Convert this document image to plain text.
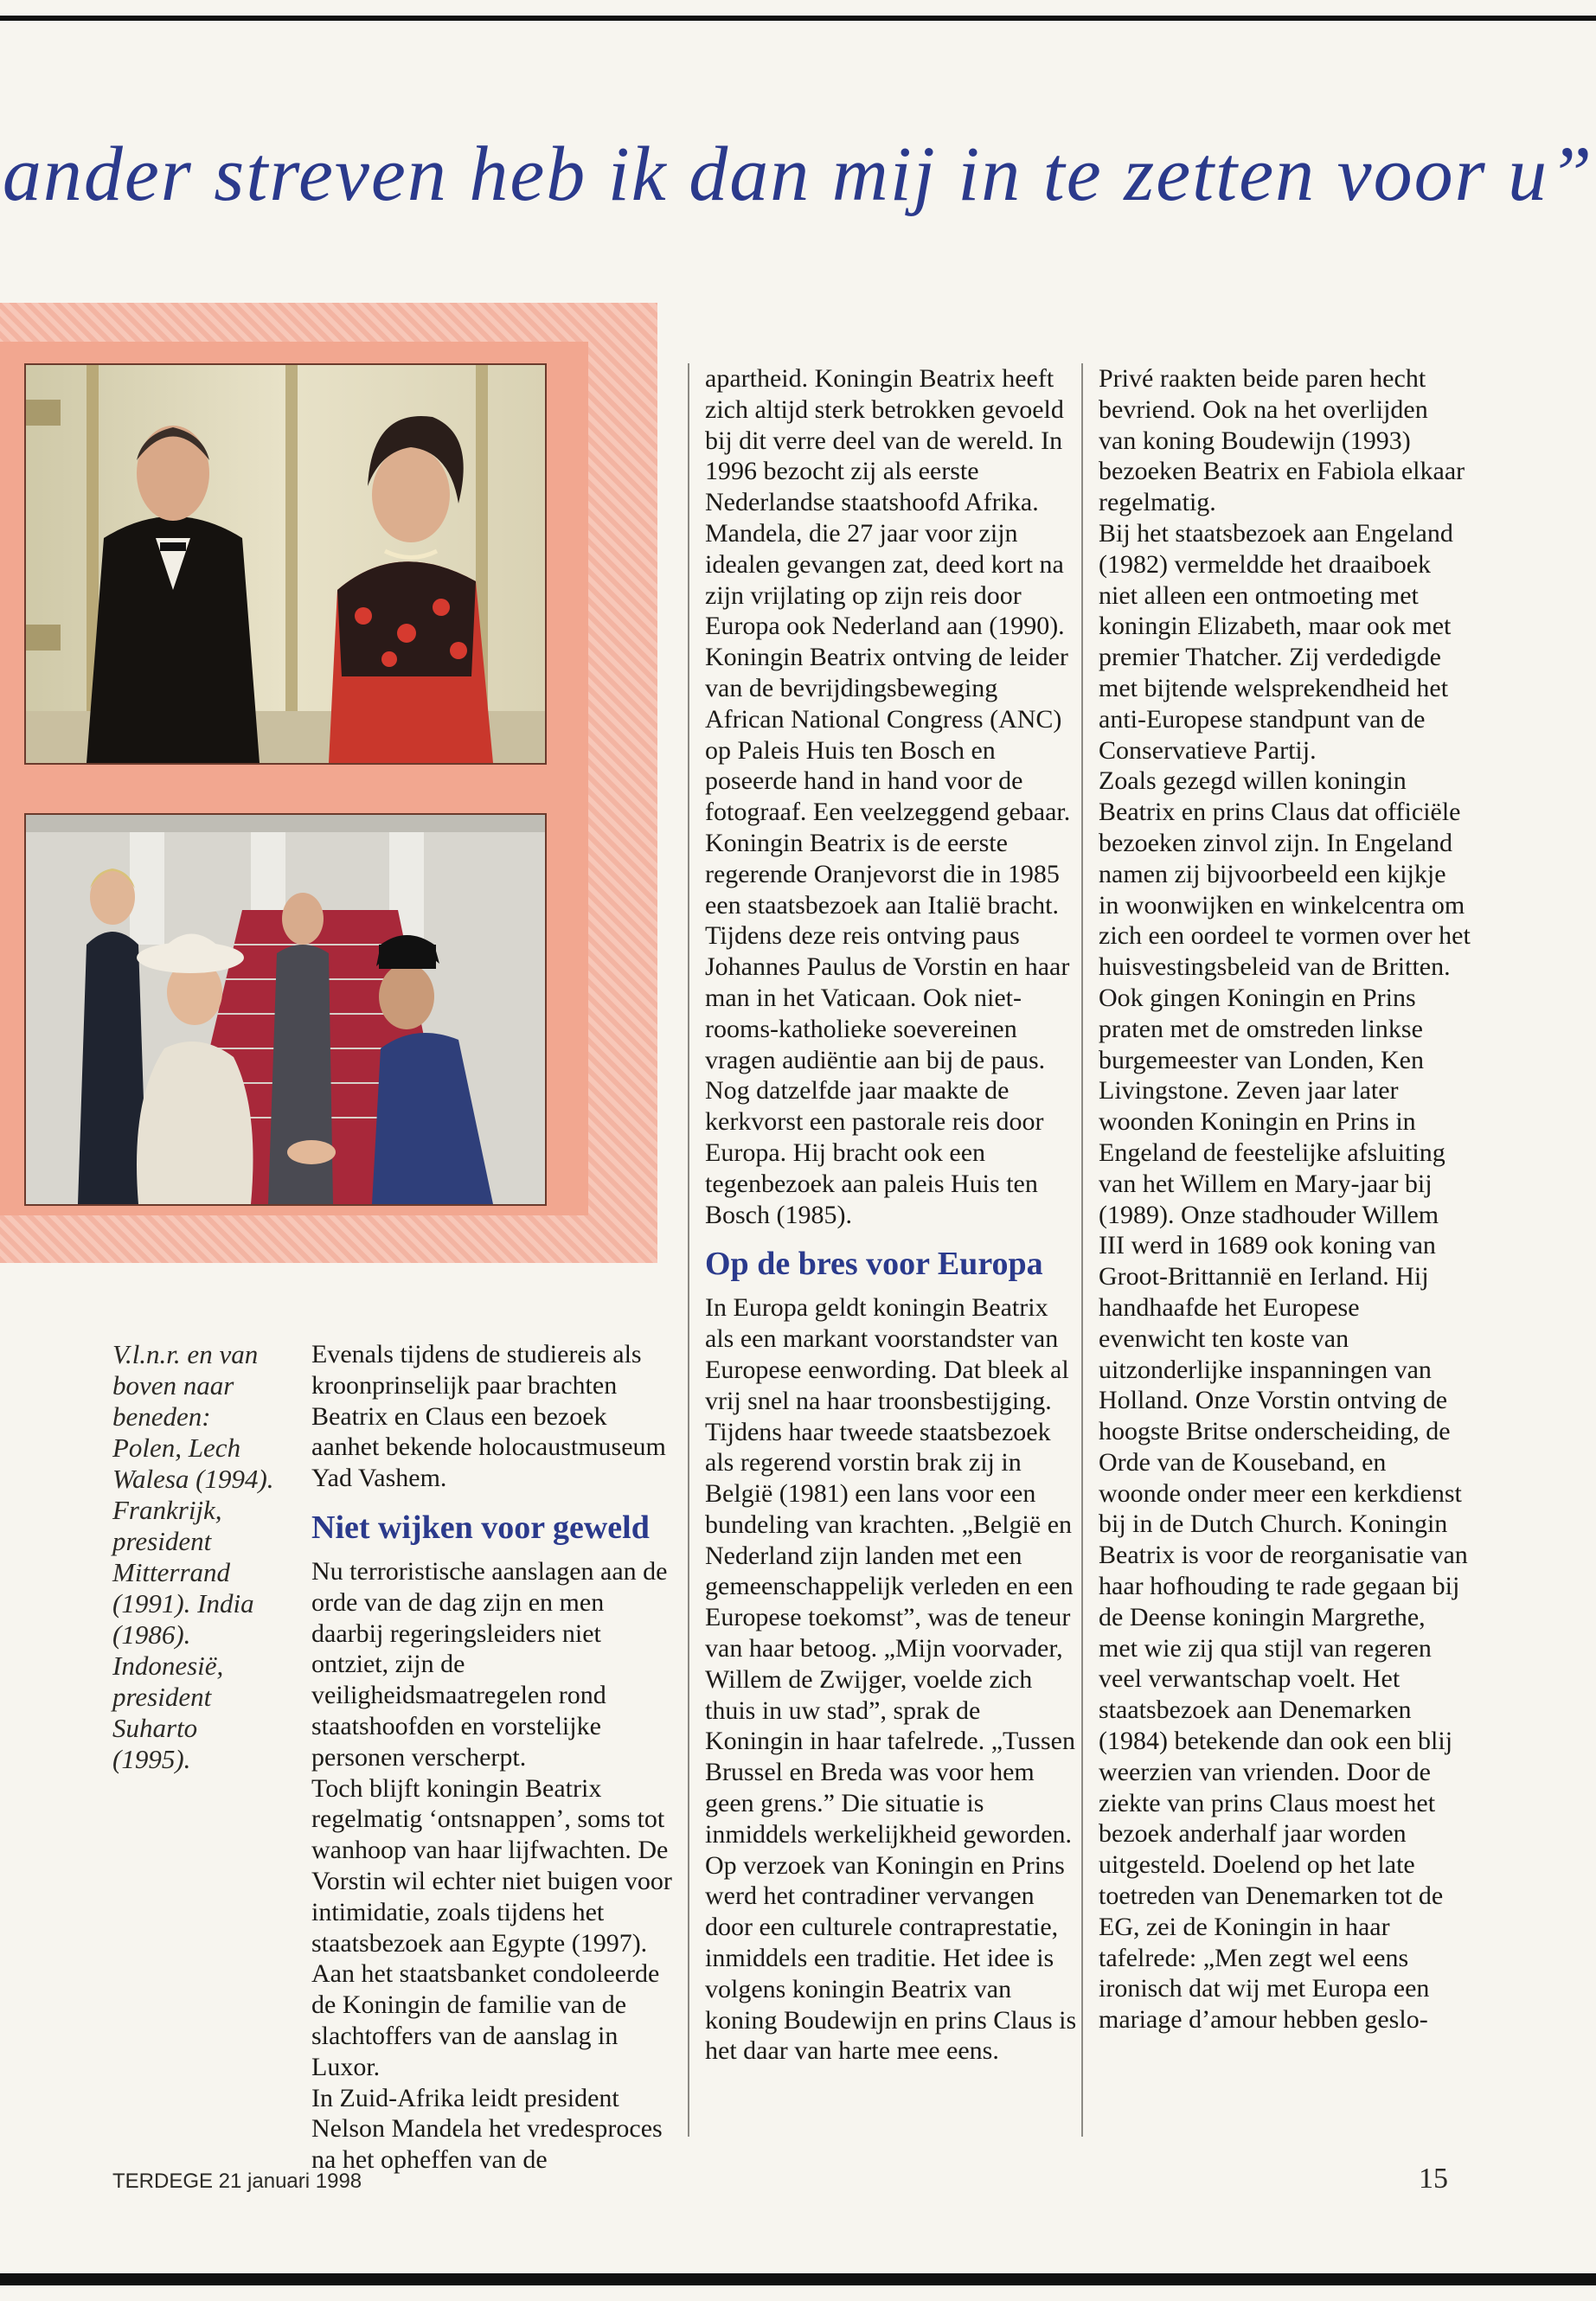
ander streven heb ik dan mij in te zetten voor u”
V.l.n.r. en van boven naar beneden: Polen, Lech Walesa (1994). Frankrijk, president Mitterrand (1991). India (1986). Indonesië, president Suharto (1995).
Evenals tijdens de studiereis als kroonprinselijk paar brachten Beatrix en Claus een bezoek aanhet bekende holocaustmuseum Yad Vashem.

Niet wijken voor geweld
Nu terroristische aanslagen aan de orde van de dag zijn en men daarbij regeringsleiders niet ontziet, zijn de veiligheidsmaatregelen rond staatshoofden en vorstelijke personen verscherpt.
Toch blijft koningin Beatrix regelmatig ‘ontsnappen’, soms tot wanhoop van haar lijfwachten. De Vorstin wil echter niet buigen voor intimidatie, zoals tijdens het staatsbezoek aan Egypte (1997). Aan het staatsbanket condoleerde de Koningin de familie van de slachtoffers van de aanslag in Luxor.
In Zuid-Afrika leidt president Nelson Mandela het vredesproces na het opheffen van de
apartheid. Koningin Beatrix heeft zich altijd sterk betrokken gevoeld bij dit verre deel van de wereld. In 1996 bezocht zij als eerste Nederlandse staatshoofd Afrika. Mandela, die 27 jaar voor zijn idealen gevangen zat, deed kort na zijn vrijlating op zijn reis door Europa ook Nederland aan (1990). Koningin Beatrix ontving de leider van de bevrijdingsbeweging African National Congress (ANC) op Paleis Huis ten Bosch en poseerde hand in hand voor de fotograaf. Een veelzeggend gebaar. Koningin Beatrix is de eerste regerende Oranjevorst die in 1985 een staatsbezoek aan Italië bracht. Tijdens deze reis ontving paus Johannes Paulus de Vorstin en haar man in het Vaticaan. Ook niet-rooms-katholieke soevereinen vragen audiëntie aan bij de paus. Nog datzelfde jaar maakte de kerkvorst een pastorale reis door Europa. Hij bracht ook een tegenbezoek aan paleis Huis ten Bosch (1985).

Op de bres voor Europa
In Europa geldt koningin Beatrix als een markant voorstandster van Europese eenwording. Dat bleek al vrij snel na haar troonsbestijging. Tijdens haar tweede staatsbezoek als regerend vorstin brak zij in België (1981) een lans voor een bundeling van krachten. „België en Nederland zijn landen met een gemeenschappelijk verleden en een Europese toekomst”, was de teneur van haar betoog. „Mijn voorvader, Willem de Zwijger, voelde zich thuis in uw stad”, sprak de Koningin in haar tafelrede. „Tussen Brussel en Breda was voor hem geen grens.” Die situatie is inmiddels werkelijkheid geworden. Op verzoek van Koningin en Prins werd het contradiner vervangen door een culturele contraprestatie, inmiddels een traditie. Het idee is volgens koningin Beatrix van koning Boudewijn en prins Claus is het daar van harte mee eens.
Privé raakten beide paren hecht bevriend. Ook na het overlijden van koning Boudewijn (1993) bezoeken Beatrix en Fabiola elkaar regelmatig.
Bij het staatsbezoek aan Engeland (1982) vermeldde het draaiboek niet alleen een ontmoeting met koningin Elizabeth, maar ook met premier Thatcher. Zij verdedigde met bijtende welsprekendheid het anti-Europese standpunt van de Conservatieve Partij.
Zoals gezegd willen koningin Beatrix en prins Claus dat officiële bezoeken zinvol zijn. In Engeland namen zij bijvoorbeeld een kijkje in woonwijken en winkelcentra om zich een oordeel te vormen over het huisvestingsbeleid van de Britten. Ook gingen Koningin en Prins praten met de omstreden linkse burgemeester van Londen, Ken Livingstone. Zeven jaar later woonden Koningin en Prins in Engeland de feestelijke afsluiting van het Willem en Mary-jaar bij (1989). Onze stadhouder Willem III werd in 1689 ook koning van Groot-Brittannië en Ierland. Hij handhaafde het Europese evenwicht ten koste van uitzonderlijke inspanningen van Holland. Onze Vorstin ontving de hoogste Britse onderscheiding, de Orde van de Kouseband, en woonde onder meer een kerkdienst bij in de Dutch Church. Koningin Beatrix is voor de reorganisatie van haar hofhouding te rade gegaan bij de Deense koningin Margrethe, met wie zij qua stijl van regeren veel verwantschap voelt. Het staatsbezoek aan Denemarken (1984) betekende dan ook een blij weerzien van vrienden. Door de ziekte van prins Claus moest het bezoek anderhalf jaar worden uitgesteld. Doelend op het late toetreden van Denemarken tot de EG, zei de Koningin in haar tafelrede: „Men zegt wel eens ironisch dat wij met Europa een mariage d’amour hebben geslo-
TERDEGE 21 januari 1998	15
